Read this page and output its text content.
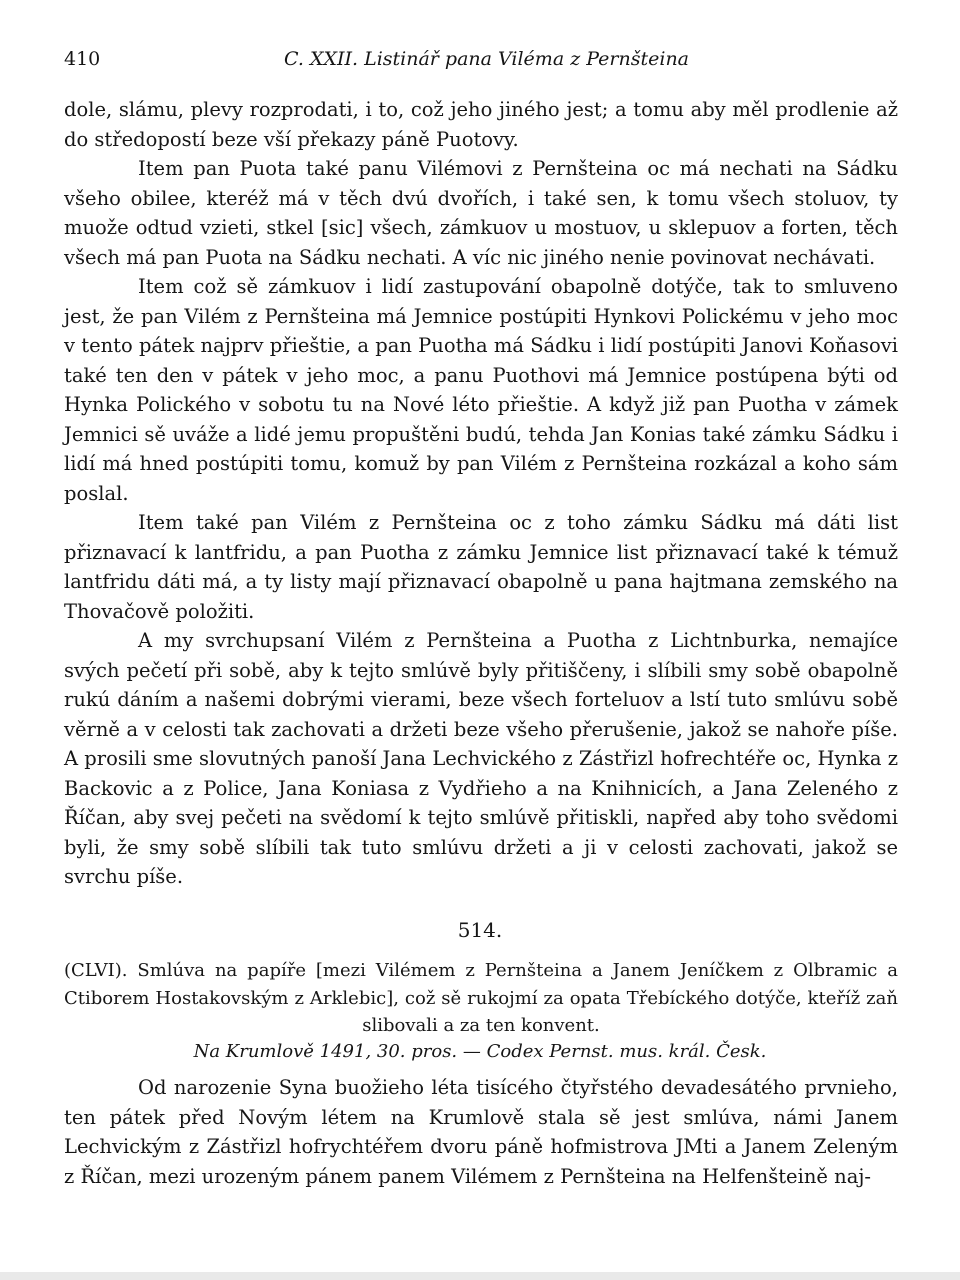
410	C. XXII. Listinář pana Viléma z Pernšteina

dole, slámu, plevy rozprodati, i to, což jeho jiného jest; a tomu aby měl prodlenie až do středopostí beze vší překazy páně Puotovy.

Item pan Puota také panu Vilémovi z Pernšteina oc má nechati na Sádku všeho obilee, kteréž má v těch dvú dvořích, i také sen, k tomu všech stoluov, ty muože odtud vzieti, stkel [sic] všech, zámkuov u mostuov, u sklepuov a forten, těch všech má pan Puota na Sádku nechati. A víc nic jiného nenie povinovat nechávati.

Item což sě zámkuov i lidí zastupování obapolně dotýče, tak to smluveno jest, že pan Vilém z Pernšteina má Jemnice postúpiti Hynkovi Polickému v jeho moc v tento pátek najprv přieštie, a pan Puotha má Sádku i lidí postúpiti Janovi Koňasovi také ten den v pátek v jeho moc, a panu Puothovi má Jemnice postúpena býti od Hynka Polického v sobotu tu na Nové léto přieštie. A když již pan Puotha v zámek Jemnici sě uváže a lidé jemu propuštěni budú, tehda Jan Konias také zámku Sádku i lidí má hned postúpiti tomu, komuž by pan Vilém z Pernšteina rozkázal a koho sám poslal.

Item také pan Vilém z Pernšteina oc z toho zámku Sádku má dáti list přiznavací k lantfridu, a pan Puotha z zámku Jemnice list přiznavací také k témuž lantfridu dáti má, a ty listy mají přiznavací obapolně u pana hajtmana zemského na Thovačově položiti.

A my svrchupsaní Vilém z Pernšteina a Puotha z Lichtnburka, nemajíce svých pečetí při sobě, aby k tejto smlúvě byly přitiščeny, i slíbili smy sobě obapolně rukú dáním a našemi dobrými vierami, beze všech forteluov a lstí tuto smlúvu sobě věrně a v celosti tak zachovati a držeti beze všeho přerušenie, jakož se nahoře píše. A prosili sme slovutných panoší Jana Lechvického z Zástřizl hofrechtéře oc, Hynka z Backovic a z Police, Jana Koniasa z Vydřieho a na Knihnicích, a Jana Zeleného z Říčan, aby svej pečeti na svědomí k tejto smlúvě přitiskli, napřed aby toho svědomi byli, že smy sobě slíbili tak tuto smlúvu držeti a ji v celosti zachovati, jakož se svrchu píše.

514.
(CLVI). Smlúva na papíře [mezi Vilémem z Pernšteina a Janem Jeníčkem z Olbramic a Ctiborem Hostakovským z Arklebic], což sě rukojmí za opata Třebíckého dotýče, kteříž zaň slibovali a za ten konvent.
Na Krumlově 1491, 30. pros. — Codex Pernst. mus. král. Česk.

Od narozenie Syna buožieho léta tisícého čtyřstého devadesátého prvnieho, ten pátek před Novým létem na Krumlově stala sě jest smlúva, námi Janem Lechvickým z Zástřizl hofrychtéřem dvoru páně hofmistrova JMti a Janem Zeleným z Říčan, mezi urozeným pánem panem Vilémem z Pernšteina na Helfenšteině naj-
